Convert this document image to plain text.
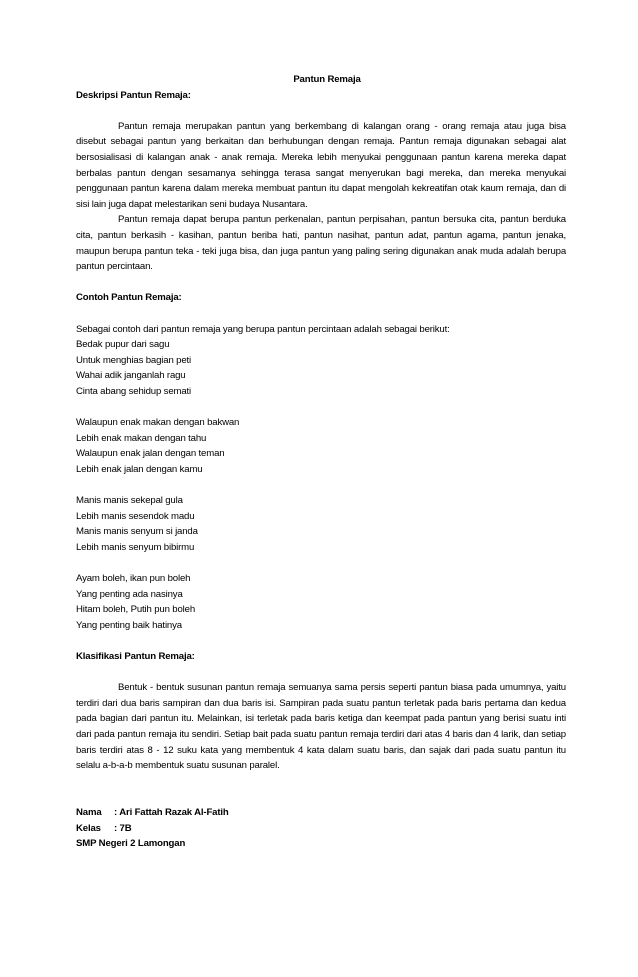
Pantun Remaja

Deskripsi Pantun Remaja:

Pantun remaja merupakan pantun yang berkembang di kalangan orang - orang remaja atau juga bisa disebut sebagai pantun yang berkaitan dan berhubungan dengan remaja. Pantun remaja digunakan sebagai alat bersosialisasi di kalangan anak - anak remaja. Mereka lebih menyukai penggunaan pantun karena mereka dapat berbalas pantun dengan sesamanya sehingga terasa sangat menyerukan bagi mereka, dan mereka menyukai penggunaan pantun karena dalam mereka membuat pantun itu dapat mengolah kekreatifan otak kaum remaja, dan di sisi lain juga dapat melestarikan seni budaya Nusantara.

Pantun remaja dapat berupa pantun perkenalan, pantun perpisahan, pantun bersuka cita, pantun berduka cita, pantun berkasih - kasihan, pantun beriba hati, pantun nasihat, pantun adat, pantun agama, pantun jenaka, maupun berupa pantun teka - teki juga bisa, dan juga pantun yang paling sering digunakan anak muda adalah berupa pantun percintaan.

Contoh Pantun Remaja:

Sebagai contoh dari pantun remaja yang berupa pantun percintaan adalah sebagai berikut:

Bedak pupur dari sagu

Untuk menghias bagian peti

Wahai adik janganlah ragu

Cinta abang sehidup semati

Walaupun enak makan dengan bakwan

Lebih enak makan dengan tahu

Walaupun enak jalan dengan teman

Lebih enak jalan dengan kamu

Manis manis sekepal gula

Lebih manis sesendok madu

Manis manis senyum si janda

Lebih manis senyum bibirmu

Ayam boleh, ikan pun boleh

Yang penting ada nasinya

Hitam boleh, Putih pun boleh

Yang penting baik hatinya

Klasifikasi Pantun Remaja:

Bentuk - bentuk susunan pantun remaja semuanya sama persis seperti pantun biasa pada umumnya, yaitu terdiri dari dua baris sampiran dan dua baris isi. Sampiran pada suatu pantun terletak pada baris pertama dan kedua pada bagian dari pantun itu. Melainkan, isi terletak pada baris ketiga dan keempat pada pantun yang berisi suatu inti dari pada pantun remaja itu sendiri. Setiap bait pada suatu pantun remaja terdiri dari atas 4 baris dan 4 larik, dan setiap baris terdiri atas 8 - 12 suku kata yang membentuk 4 kata dalam suatu baris, dan sajak dari pada suatu pantun itu selalu a-b-a-b membentuk suatu susunan paralel.

Nama : Ari Fattah Razak Al-Fatih

Kelas : 7B

SMP Negeri 2 Lamongan
